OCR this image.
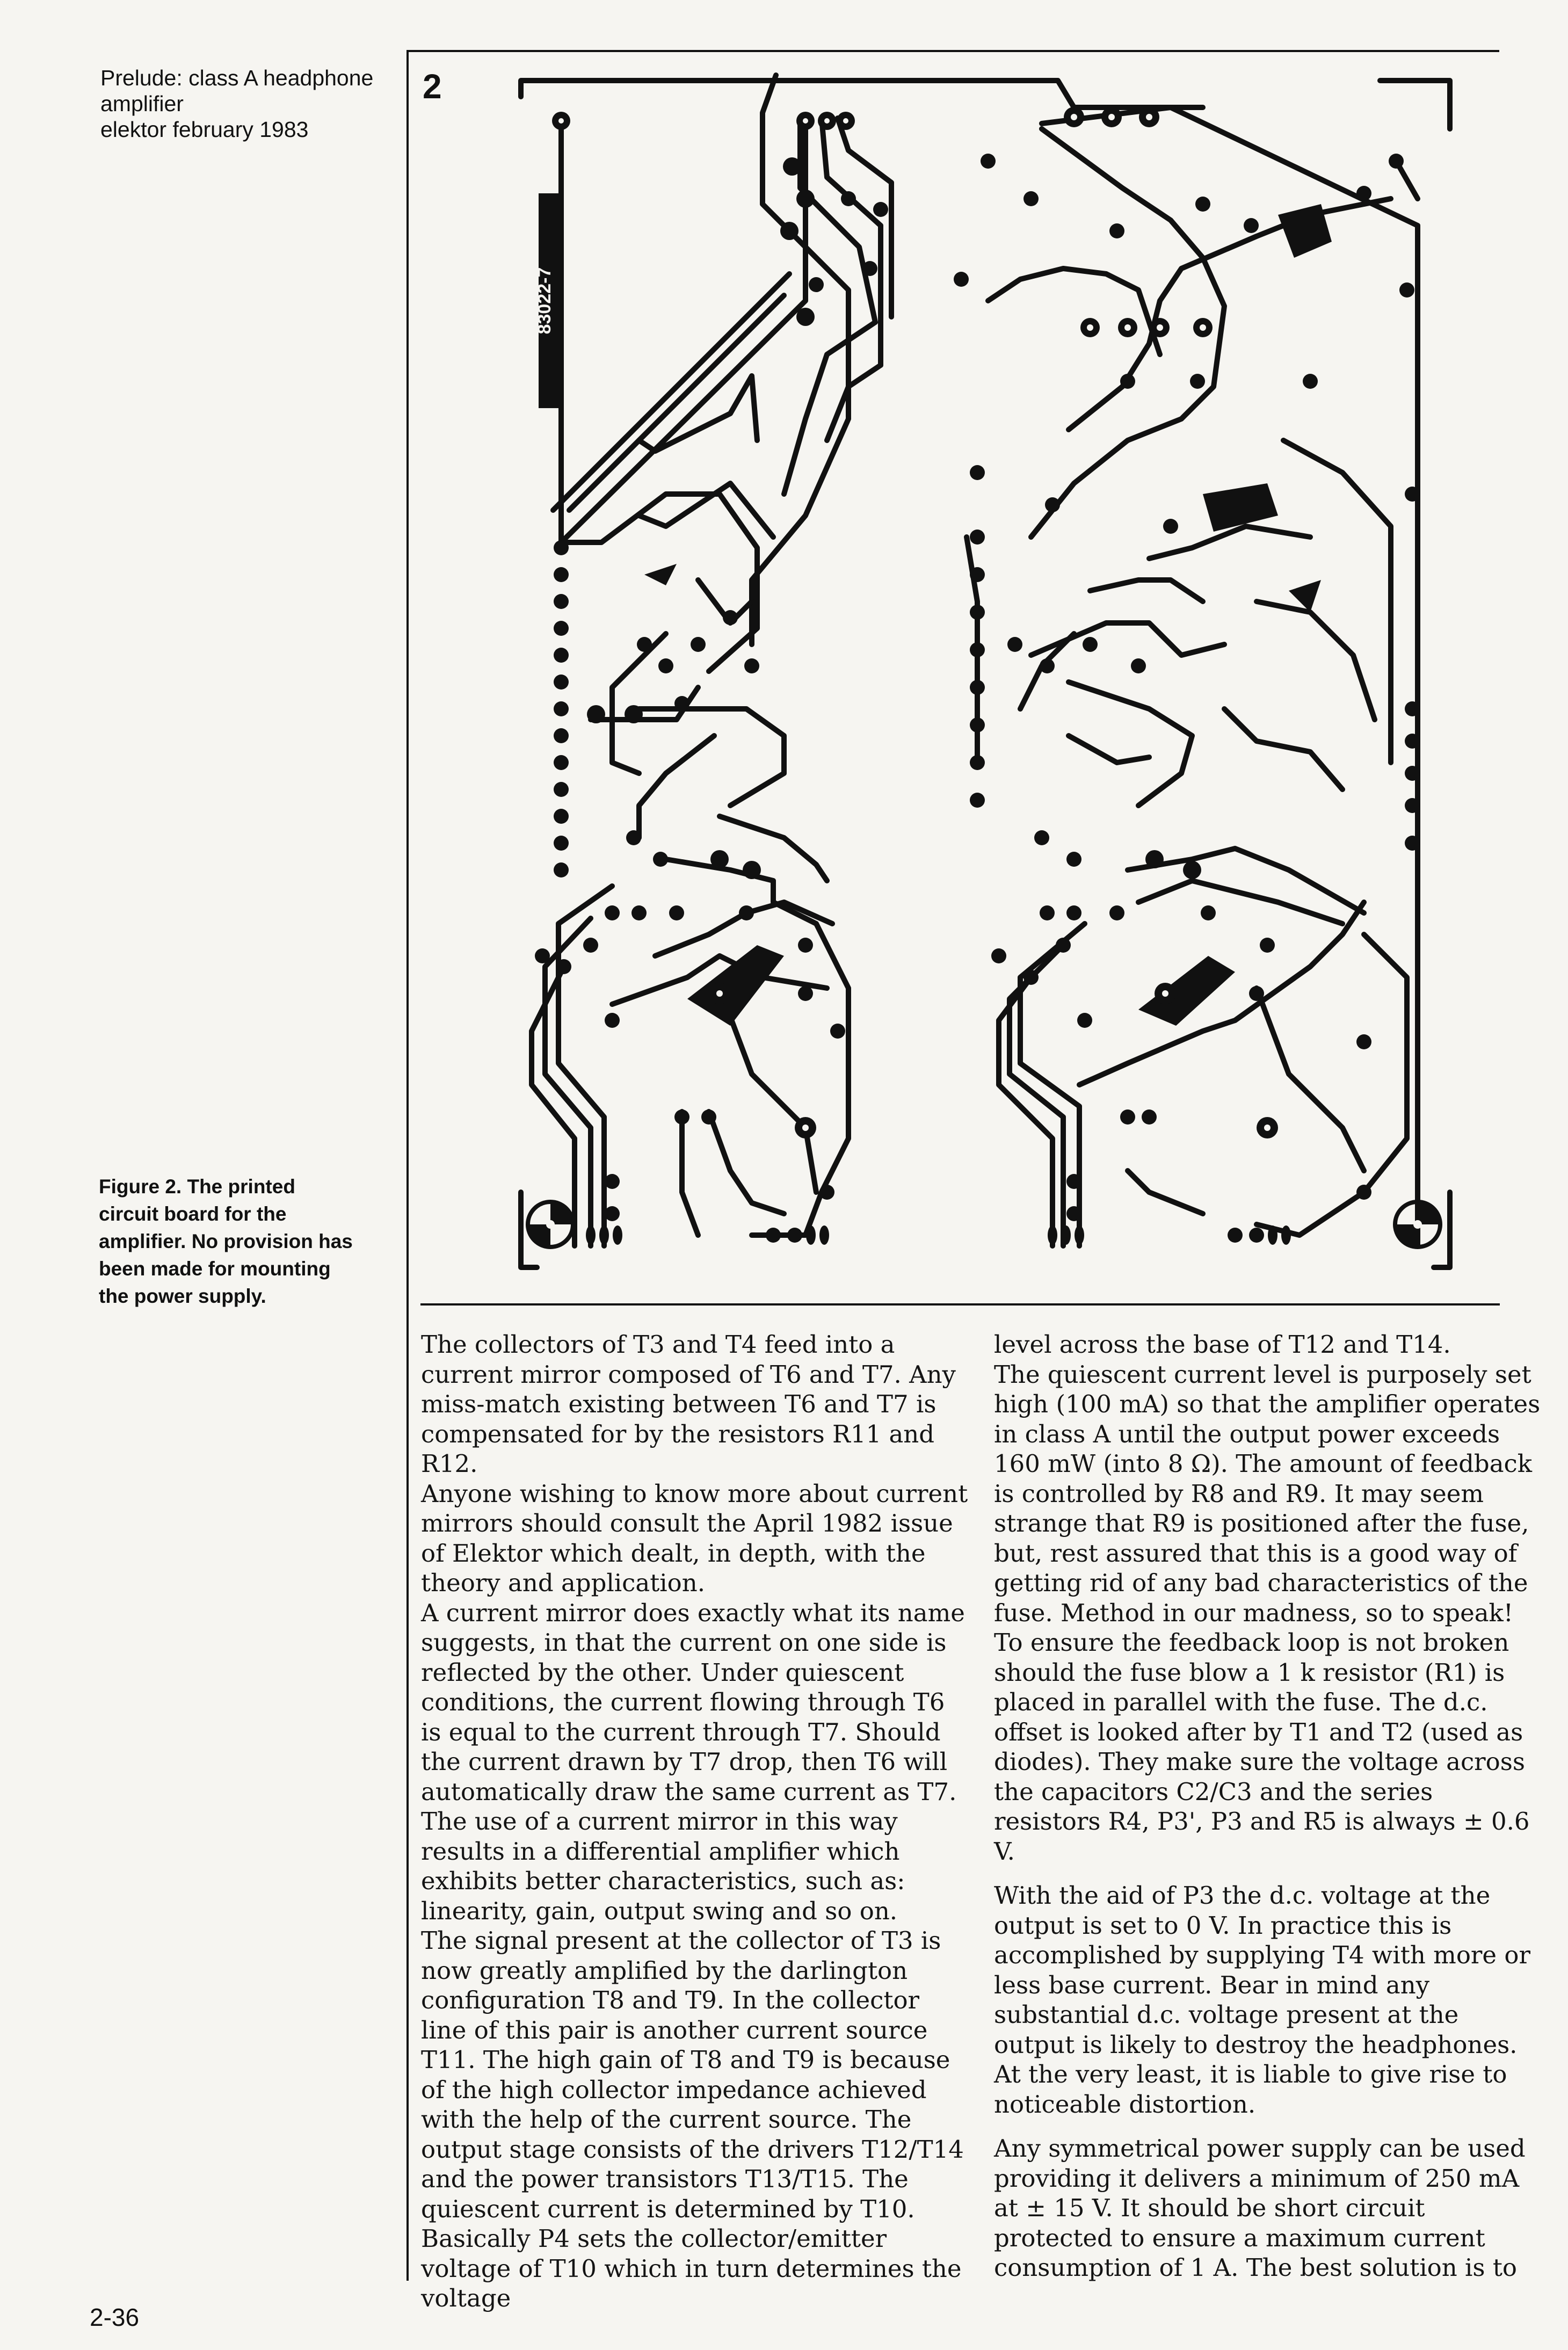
Prelude: class A headphone
amplifier
elektor february 1983
2
83022-7
Figure 2. The printed
circuit board for the
amplifier. No provision has
been made for mounting
the power supply.

The collectors of T3 and T4 feed into a current mirror composed of T6 and T7. Any miss-match existing between T6 and T7 is compensated for by the resistors R11 and R12.

Anyone wishing to know more about current mirrors should consult the April 1982 issue of Elektor which dealt, in depth, with the theory and application.

A current mirror does exactly what its name suggests, in that the current on one side is reflected by the other. Under quiescent conditions, the current flowing through T6 is equal to the current through T7. Should the current drawn by T7 drop, then T6 will automatically draw the same current as T7. The use of a current mirror in this way results in a differential amplifier which exhibits better characteristics, such as: linearity, gain, output swing and so on.

The signal present at the collector of T3 is now greatly amplified by the darlington configuration T8 and T9. In the collector line of this pair is another current source T11. The high gain of T8 and T9 is because of the high collector impedance achieved with the help of the current source. The output stage consists of the drivers T12/T14 and the power transistors T13/T15. The quiescent current is determined by T10. Basically P4 sets the collector/emitter voltage of T10 which in turn determines the voltage

level across the base of T12 and T14.

The quiescent current level is purposely set high (100 mA) so that the amplifier operates in class A until the output power exceeds 160 mW (into 8 Ω). The amount of feedback is controlled by R8 and R9. It may seem strange that R9 is positioned after the fuse, but, rest assured that this is a good way of getting rid of any bad characteristics of the fuse. Method in our madness, so to speak! To ensure the feedback loop is not broken should the fuse blow a 1 k resistor (R1) is placed in parallel with the fuse. The d.c. offset is looked after by T1 and T2 (used as diodes). They make sure the voltage across the capacitors C2/C3 and the series resistors R4, P3', P3 and R5 is always ± 0.6 V.

With the aid of P3 the d.c. voltage at the output is set to 0 V. In practice this is accomplished by supplying T4 with more or less base current. Bear in mind any substantial d.c. voltage present at the output is likely to destroy the headphones. At the very least, it is liable to give rise to noticeable distortion.

Any symmetrical power supply can be used providing it delivers a minimum of 250 mA at ± 15 V. It should be short circuit protected to ensure a maximum current consumption of 1 A. The best solution is to

2-36
